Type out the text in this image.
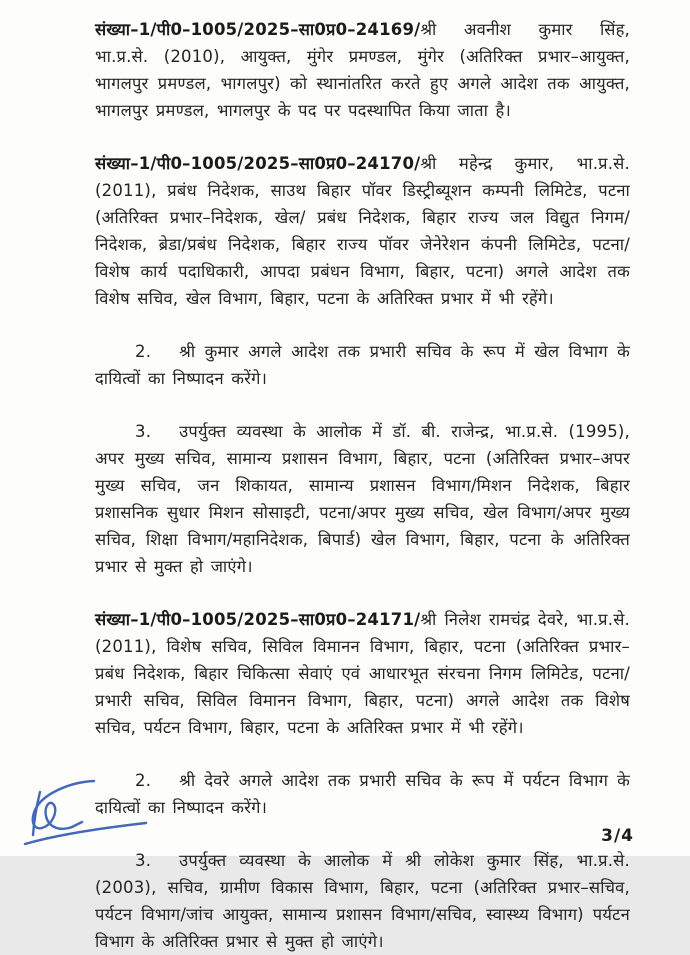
संख्या–1/पी0–1005/2025–सा0प्र0–24169/श्री अवनीश कुमार सिंह, भा.प्र.से. (2010), आयुक्त, मुंगेर प्रमण्डल, मुंगेर (अतिरिक्त प्रभार–आयुक्त, भागलपुर प्रमण्डल, भागलपुर) को स्थानांतरित करते हुए अगले आदेश तक आयुक्त, भागलपुर प्रमण्डल, भागलपुर के पद पर पदस्थापित किया जाता है।

संख्या–1/पी0–1005/2025–सा0प्र0–24170/श्री महेन्द्र कुमार, भा.प्र.से. (2011), प्रबंध निदेशक, साउथ बिहार पॉवर डिस्ट्रीब्यूशन कम्पनी लिमिटेड, पटना (अतिरिक्त प्रभार–निदेशक, खेल/ प्रबंध निदेशक, बिहार राज्य जल विद्युत निगम/निदेशक, ब्रेडा/प्रबंध निदेशक, बिहार राज्य पॉवर जेनेरेशन कंपनी लिमिटेड, पटना/विशेष कार्य पदाधिकारी, आपदा प्रबंधन विभाग, बिहार, पटना) अगले आदेश तक विशेष सचिव, खेल विभाग, बिहार, पटना के अतिरिक्त प्रभार में भी रहेंगे।

2. श्री कुमार अगले आदेश तक प्रभारी सचिव के रूप में खेल विभाग के दायित्वों का निष्पादन करेंगे।

3. उपर्युक्त व्यवस्था के आलोक में डॉ. बी. राजेन्द्र, भा.प्र.से. (1995), अपर मुख्य सचिव, सामान्य प्रशासन विभाग, बिहार, पटना (अतिरिक्त प्रभार–अपर मुख्य सचिव, जन शिकायत, सामान्य प्रशासन विभाग/मिशन निदेशक, बिहार प्रशासनिक सुधार मिशन सोसाइटी, पटना/अपर मुख्य सचिव, खेल विभाग/अपर मुख्य सचिव, शिक्षा विभाग/महानिदेशक, बिपार्ड) खेल विभाग, बिहार, पटना के अतिरिक्त प्रभार से मुक्त हो जाएंगे।

संख्या–1/पी0–1005/2025–सा0प्र0–24171/श्री निलेश रामचंद्र देवरे, भा.प्र.से. (2011), विशेष सचिव, सिविल विमानन विभाग, बिहार, पटना (अतिरिक्त प्रभार– प्रबंध निदेशक, बिहार चिकित्सा सेवाएं एवं आधारभूत संरचना निगम लिमिटेड, पटना/प्रभारी सचिव, सिविल विमानन विभाग, बिहार, पटना) अगले आदेश तक विशेष सचिव, पर्यटन विभाग, बिहार, पटना के अतिरिक्त प्रभार में भी रहेंगे।

2. श्री देवरे अगले आदेश तक प्रभारी सचिव के रूप में पर्यटन विभाग के दायित्वों का निष्पादन करेंगे।

3. उपर्युक्त व्यवस्था के आलोक में श्री लोकेश कुमार सिंह, भा.प्र.से. (2003), सचिव, ग्रामीण विकास विभाग, बिहार, पटना (अतिरिक्त प्रभार–सचिव, पर्यटन विभाग/जांच आयुक्त, सामान्य प्रशासन विभाग/सचिव, स्वास्थ्य विभाग) पर्यटन विभाग के अतिरिक्त प्रभार से मुक्त हो जाएंगे।

3/4
